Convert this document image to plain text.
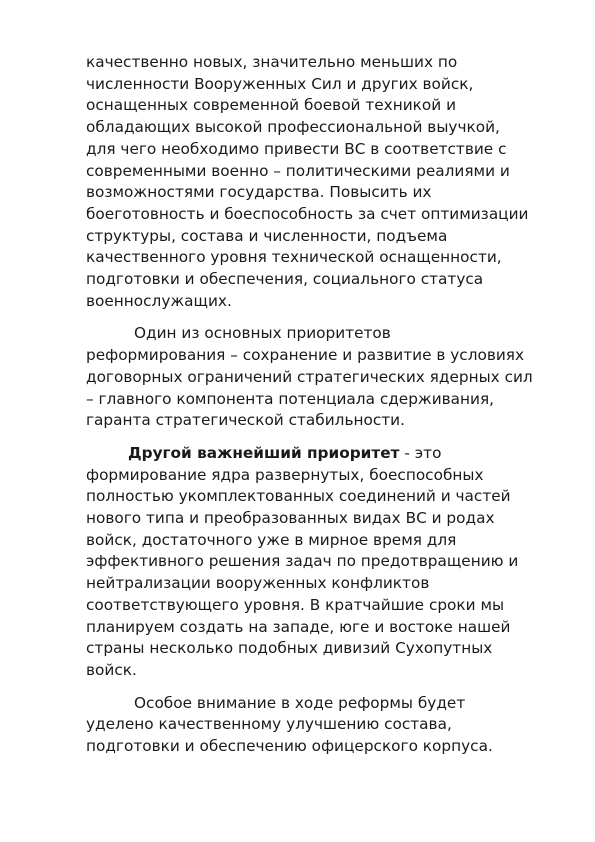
качественно новых, значительно меньших по
численности Вооруженных Сил и других войск,
оснащенных современной боевой техникой и
обладающих высокой профессиональной выучкой,
для чего необходимо привести ВС в соответствие с
современными военно – политическими реалиями и
возможностями государства. Повысить их
боеготовность и боеспособность за счет оптимизации
структуры, состава и численности, подъема
качественного уровня технической оснащенности,
подготовки и обеспечения, социального статуса
военнослужащих.

Один из основных приоритетов
реформирования – сохранение и развитие в условиях
договорных ограничений стратегических ядерных сил
– главного компонента потенциала сдерживания,
гаранта стратегической стабильности.

Другой важнейший приоритет - это
формирование ядра развернутых, боеспособных
полностью укомплектованных соединений и частей
нового типа и преобразованных видах ВС и родах
войск, достаточного уже в мирное время для
эффективного решения задач по предотвращению и
нейтрализации вооруженных конфликтов
соответствующего уровня. В кратчайшие сроки мы
планируем создать на западе, юге и востоке нашей
страны несколько подобных дивизий Сухопутных
войск.

Особое внимание в ходе реформы будет
уделено качественному улучшению состава,
подготовки и обеспечению офицерского корпуса.
